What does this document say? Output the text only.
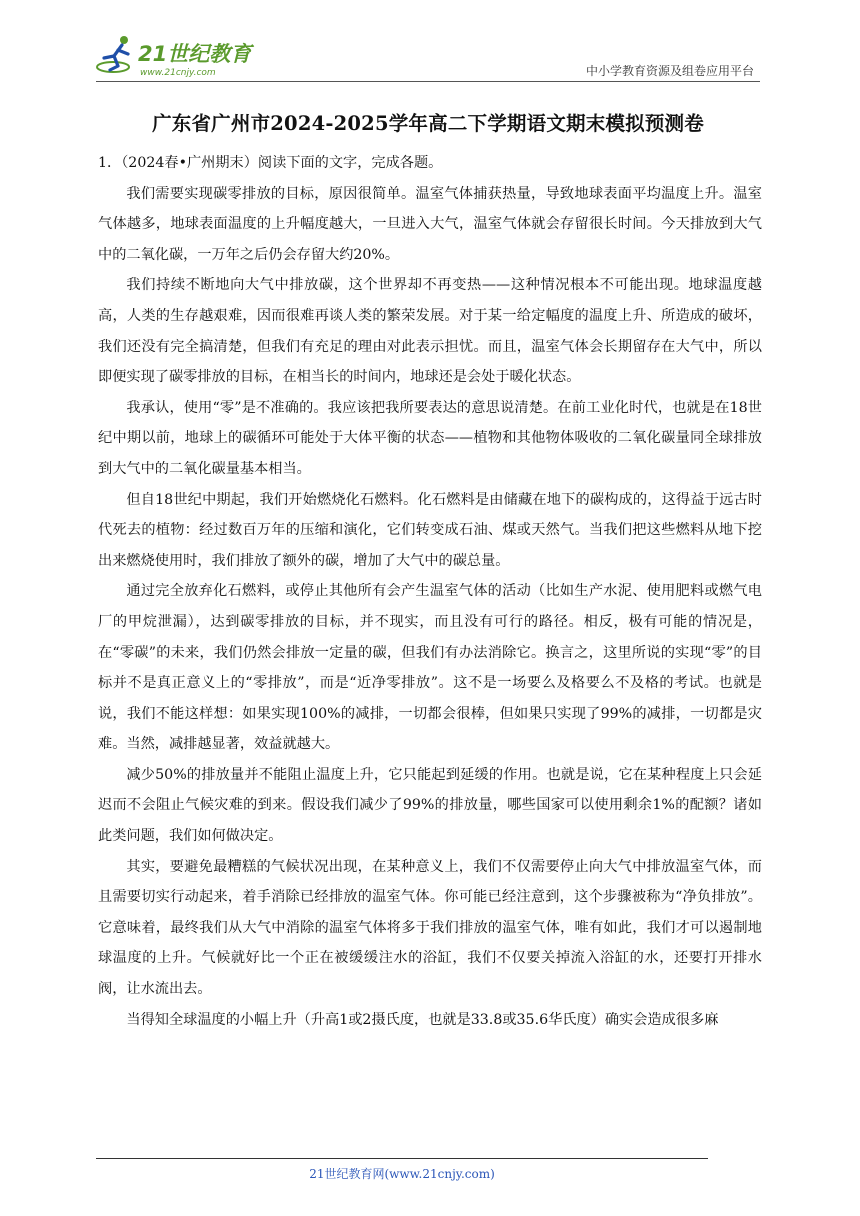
21世纪教育
www.21cnjy.com	中小学教育资源及组卷应用平台
广东省广州市2024-2025学年高二下学期语文期末模拟预测卷

1．（2024春•广州期末）阅读下面的文字，完成各题。

我们需要实现碳零排放的目标，原因很简单。温室气体捕获热量，导致地球表面平均温度上升。温室气体越多，地球表面温度的上升幅度越大，一旦进入大气，温室气体就会存留很长时间。今天排放到大气中的二氧化碳，一万年之后仍会存留大约20%。

我们持续不断地向大气中排放碳，这个世界却不再变热——这种情况根本不可能出现。地球温度越高，人类的生存越艰难，因而很难再谈人类的繁荣发展。对于某一给定幅度的温度上升、所造成的破坏，我们还没有完全搞清楚，但我们有充足的理由对此表示担忧。而且，温室气体会长期留存在大气中，所以即便实现了碳零排放的目标，在相当长的时间内，地球还是会处于暖化状态。

我承认，使用“零”是不准确的。我应该把我所要表达的意思说清楚。在前工业化时代，也就是在18世纪中期以前，地球上的碳循环可能处于大体平衡的状态——植物和其他物体吸收的二氧化碳量同全球排放到大气中的二氧化碳量基本相当。

但自18世纪中期起，我们开始燃烧化石燃料。化石燃料是由储藏在地下的碳构成的，这得益于远古时代死去的植物：经过数百万年的压缩和演化，它们转变成石油、煤或天然气。当我们把这些燃料从地下挖出来燃烧使用时，我们排放了额外的碳，增加了大气中的碳总量。

通过完全放弃化石燃料，或停止其他所有会产生温室气体的活动（比如生产水泥、使用肥料或燃气电厂的甲烷泄漏），达到碳零排放的目标，并不现实，而且没有可行的路径。相反，极有可能的情况是，在“零碳”的未来，我们仍然会排放一定量的碳，但我们有办法消除它。换言之，这里所说的实现“零”的目标并不是真正意义上的“零排放”，而是“近净零排放”。这不是一场要么及格要么不及格的考试。也就是说，我们不能这样想：如果实现100%的减排，一切都会很棒，但如果只实现了99%的减排，一切都是灾难。当然，减排越显著，效益就越大。

减少50%的排放量并不能阻止温度上升，它只能起到延缓的作用。也就是说，它在某种程度上只会延迟而不会阻止气候灾难的到来。假设我们减少了99%的排放量，哪些国家可以使用剩余1%的配额？诸如此类问题，我们如何做决定。

其实，要避免最糟糕的气候状况出现，在某种意义上，我们不仅需要停止向大气中排放温室气体，而且需要切实行动起来，着手消除已经排放的温室气体。你可能已经注意到，这个步骤被称为“净负排放”。它意味着，最终我们从大气中消除的温室气体将多于我们排放的温室气体，唯有如此，我们才可以遏制地球温度的上升。气候就好比一个正在被缓缓注水的浴缸，我们不仅要关掉流入浴缸的水，还要打开排水阀，让水流出去。

当得知全球温度的小幅上升（升高1或2摄氏度，也就是33.8或35.6华氏度）确实会造成很多麻

21世纪教育网(www.21cnjy.com)
